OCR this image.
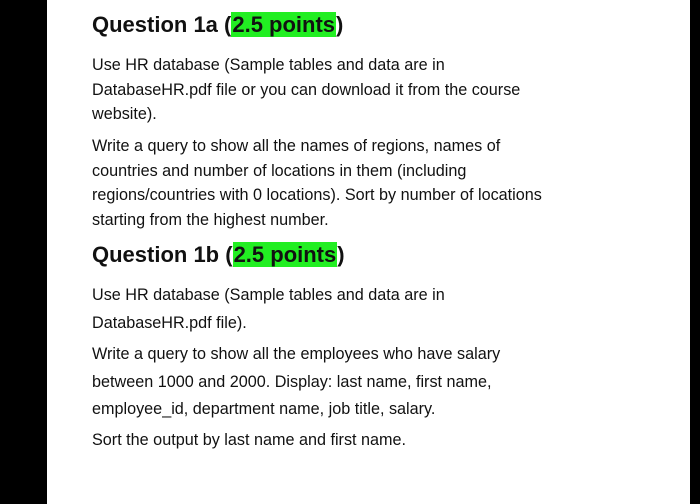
Question 1a (2.5 points)

Use HR database (Sample tables and data are in
DatabaseHR.pdf file or you can download it from the course
website).

Write a query to show all the names of regions, names of
countries and number of locations in them (including
regions/countries with 0 locations). Sort by number of locations
starting from the highest number.

Question 1b (2.5 points)

Use HR database (Sample tables and data are in
DatabaseHR.pdf file).

Write a query to show all the employees who have salary
between 1000 and 2000. Display: last name, first name,
employee_id, department name, job title, salary.

Sort the output by last name and first name.
